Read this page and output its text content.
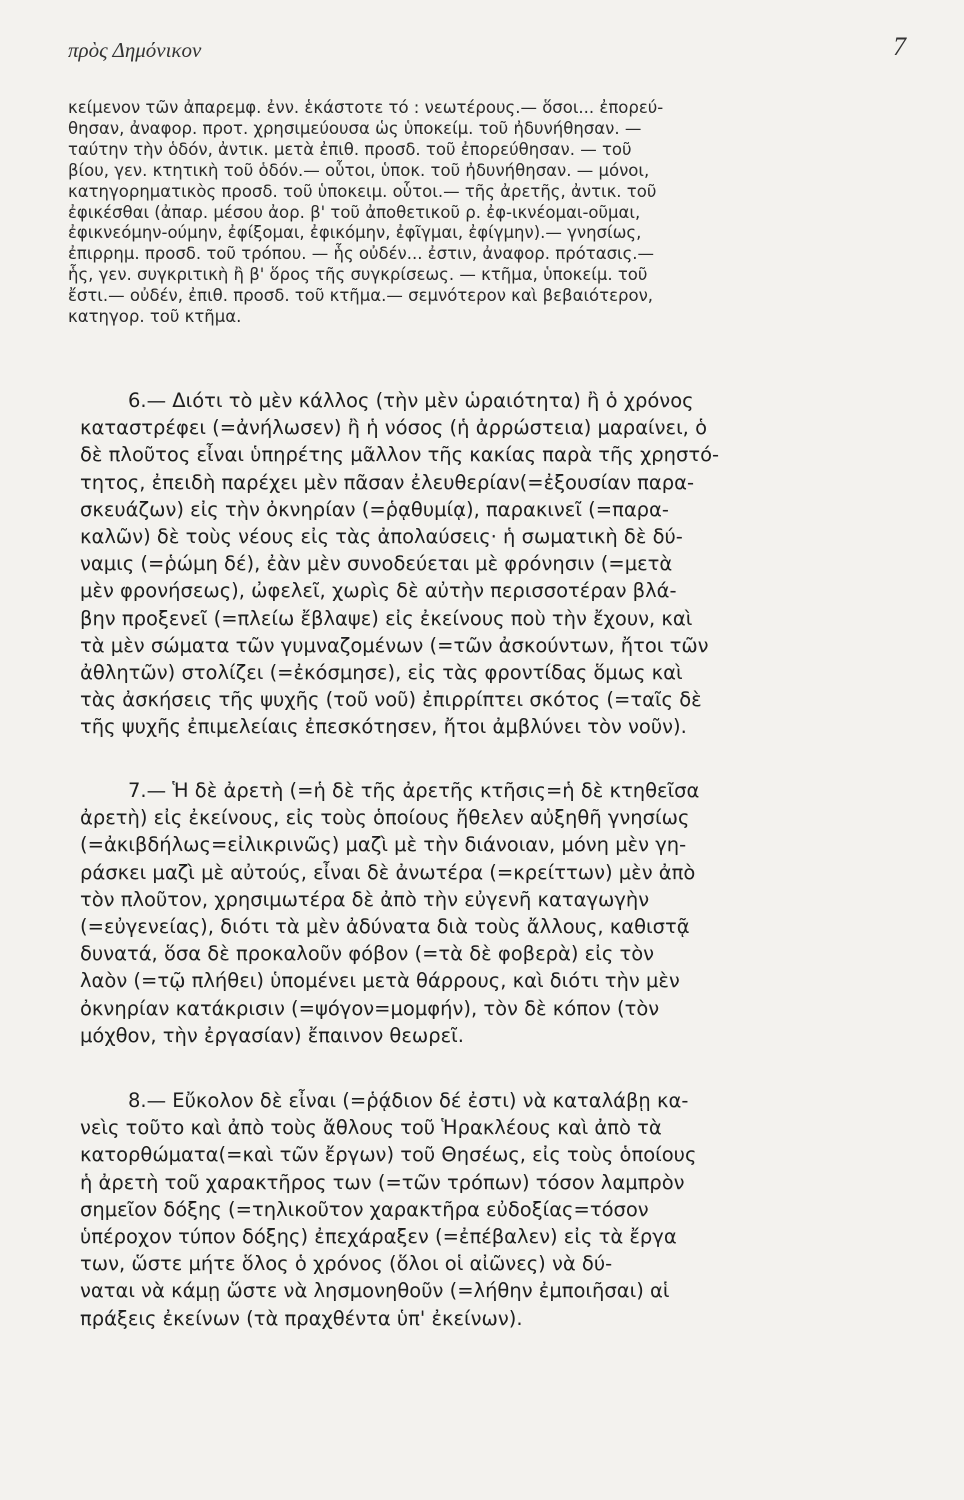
πρὸς Δημόνικον	7
κείμενον τῶν ἀπαρεμφ. ἐνν. ἑκάστοτε τό : νεωτέρους.— ὅσοι... ἐπορεύ-
θησαν, ἀναφορ. προτ. χρησιμεύουσα ὡς ὑποκείμ. τοῦ ἠδυνήθησαν. —
ταύτην τὴν ὁδόν, ἀντικ. μετὰ ἐπιθ. προσδ. τοῦ ἐπορεύθησαν. — τοῦ
βίου, γεν. κτητικὴ τοῦ ὁδόν.— οὗτοι, ὑποκ. τοῦ ἠδυνήθησαν. — μόνοι,
κατηγορηματικὸς προσδ. τοῦ ὑποκειμ. οὗτοι.— τῆς ἀρετῆς, ἀντικ. τοῦ
ἐφικέσθαι (ἀπαρ. μέσου ἀορ. β' τοῦ ἀποθετικοῦ ρ. ἐφ-ικνέομαι-οῦμαι,
ἐφικνεόμην-ούμην, ἐφίξομαι, ἐφικόμην, ἐφῖγμαι, ἐφίγμην).— γνησίως,
ἐπιρρημ. προσδ. τοῦ τρόπου. — ἧς οὐδέν... ἐστιν, ἀναφορ. πρότασις.—
ἧς, γεν. συγκριτικὴ ἢ β' ὅρος τῆς συγκρίσεως. — κτῆμα, ὑποκείμ. τοῦ
ἔστι.— οὐδέν, ἐπιθ. προσδ. τοῦ κτῆμα.— σεμνότερον καὶ βεβαιότερον,
κατηγορ. τοῦ κτῆμα.
6.— Διότι τὸ μὲν κάλλος (τὴν μὲν ὡραιότητα) ἢ ὁ χρόνος
καταστρέφει (=ἀνήλωσεν) ἢ ἡ νόσος (ἡ ἀρρώστεια) μαραίνει, ὁ
δὲ πλοῦτος εἶναι ὑπηρέτης μᾶλλον τῆς κακίας παρὰ τῆς χρηστό-
τητος, ἐπειδὴ παρέχει μὲν πᾶσαν ἐλευθερίαν(=ἐξουσίαν παρα-
σκευάζων) εἰς τὴν ὀκνηρίαν (=ῥᾳθυμίᾳ), παρακινεῖ (=παρα-
καλῶν) δὲ τοὺς νέους εἰς τὰς ἀπολαύσεις· ἡ σωματικὴ δὲ δύ-
ναμις (=ῥώμη δέ), ἐὰν μὲν συνοδεύεται μὲ φρόνησιν (=μετὰ
μὲν φρονήσεως), ὠφελεῖ, χωρὶς δὲ αὐτὴν περισσοτέραν βλά-
βην προξενεῖ (=πλείω ἔβλαψε) εἰς ἐκείνους ποὺ τὴν ἔχουν, καὶ
τὰ μὲν σώματα τῶν γυμναζομένων (=τῶν ἀσκούντων, ἤτοι τῶν
ἀθλητῶν) στολίζει (=ἐκόσμησε), εἰς τὰς φροντίδας ὅμως καὶ
τὰς ἀσκήσεις τῆς ψυχῆς (τοῦ νοῦ) ἐπιρρίπτει σκότος (=ταῖς δὲ
τῆς ψυχῆς ἐπιμελείαις ἐπεσκότησεν, ἤτοι ἀμβλύνει τὸν νοῦν).
7.— Ἡ δὲ ἀρετὴ (=ἡ δὲ τῆς ἀρετῆς κτῆσις=ἡ δὲ κτηθεῖσα
ἀρετὴ) εἰς ἐκείνους, εἰς τοὺς ὁποίους ἤθελεν αὐξηθῆ γνησίως
(=ἀκιβδήλως=εἰλικρινῶς) μαζὶ μὲ τὴν διάνοιαν, μόνη μὲν γη-
ράσκει μαζὶ μὲ αὐτούς, εἶναι δὲ ἀνωτέρα (=κρείττων) μὲν ἀπὸ
τὸν πλοῦτον, χρησιμωτέρα δὲ ἀπὸ τὴν εὐγενῆ καταγωγὴν
(=εὐγενείας), διότι τὰ μὲν ἀδύνατα διὰ τοὺς ἄλλους, καθιστᾷ
δυνατά, ὅσα δὲ προκαλοῦν φόβον (=τὰ δὲ φοβερὰ) εἰς τὸν
λαὸν (=τῷ πλήθει) ὑπομένει μετὰ θάρρους, καὶ διότι τὴν μὲν
ὀκνηρίαν κατάκρισιν (=ψόγον=μομφήν), τὸν δὲ κόπον (τὸν
μόχθον, τὴν ἐργασίαν) ἔπαινον θεωρεῖ.
8.— Εὔκολον δὲ εἶναι (=ῥᾴδιον δέ ἐστι) νὰ καταλάβῃ κα-
νεὶς τοῦτο καὶ ἀπὸ τοὺς ἄθλους τοῦ Ἡρακλέους καὶ ἀπὸ τὰ
κατορθώματα(=καὶ τῶν ἔργων) τοῦ Θησέως, εἰς τοὺς ὁποίους
ἡ ἀρετὴ τοῦ χαρακτῆρος των (=τῶν τρόπων) τόσον λαμπρὸν
σημεῖον δόξης (=τηλικοῦτον χαρακτῆρα εὐδοξίας=τόσον
ὑπέροχον τύπον δόξης) ἐπεχάραξεν (=ἐπέβαλεν) εἰς τὰ ἔργα
των, ὥστε μήτε ὅλος ὁ χρόνος (ὅλοι οἱ αἰῶνες) νὰ δύ-
ναται νὰ κάμῃ ὥστε νὰ λησμονηθοῦν (=λήθην ἐμποιῆσαι) αἱ
πράξεις ἐκείνων (τὰ πραχθέντα ὑπ' ἐκείνων).
